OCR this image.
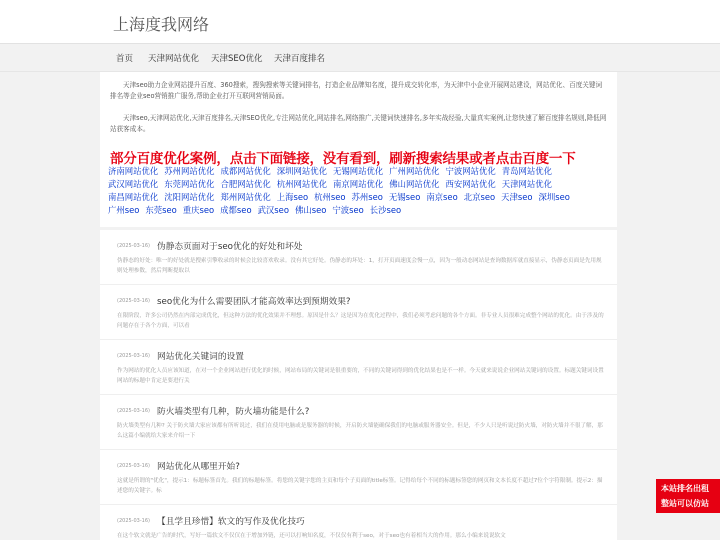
上海度我网络
首页 天津网站优化 天津SEO优化 天津百度排名

天津seo助力企业网站提升百度、360搜索，搜狗搜索等关键词排名，打造企业品牌知名度，提升成交转化率，为天津中小企业开展网站建设，网站优化、百度关键词排名等企业seo营销推广服务,帮助企业打开互联网营销局面。

天津seo,天津网站优化,天津百度排名,天津SEO优化,专注网站优化,网站排名,网络推广,关键词快速排名,多年实战经验,大量真实案例,让您快速了解百度排名规则,降低网站获客成本。

部分百度优化案例，点击下面链接，没有看到，刷新搜索结果或者点击百度一下
济南网站优化 苏州网站优化 成都网站优化 深圳网站优化 无锡网站优化 广州网站优化 宁波网站优化 青岛网站优化武汉网站优化 东莞网站优化 合肥网站优化 杭州网站优化 南京网站优化 佛山网站优化 西安网站优化 天津网站优化南昌网站优化 沈阳网站优化 郑州网站优化 上海seo 杭州seo 苏州seo 无锡seo 南京seo 北京seo 天津seo 深圳seo广州seo 东莞seo 重庆seo 成都seo 武汉seo 佛山seo 宁波seo 长沙seo
(2025-03-16) 伪静态页面对于seo优化的好处和坏处
伪静态的好处：唯一的好处就是搜索引擎收录的时候会比较喜欢收录。没有其它好处。伪静态的坏处：1，打开页面速度会慢一点，因为一般动态网站是查询数据库就直接显示，伪静态页面是先用规则处理参数，然后判断提取以
(2025-03-16) seo优化为什么需要团队才能高效率达到预期效果?
在限阶段，许多公司仍然在内部完成优化，但这种方法的优化效果并不理想。原因是什么？这是因为在优化过程中，我们必须考虑问题的各个方面。非专业人员很难完成整个网站的优化。由于涉及的问题存在于各个方面，可以看
(2025-03-16) 网站优化关键词的设置
作为网站的优化人员应该知道，在对一个企业网站进行优化的时候，网站布局的关键词是很重要的，不同的关键词得到的优化结果也是不一样。今天就来说说企业网站关键词的设置。标题关键词设置网站的标题中肯定是要进行关
(2025-03-16) 防火墙类型有几种，防火墙功能是什么?
防火墙类型有几种? 关于防火墙大家应该都有所听说过，我们在使用电脑或是服务器的时候，开启防火墙能确保我们的电脑或服务器安全。但是，不少人只是听说过防火墙，对防火墙并不很了解，那么这篇小编就给大家来介绍一下
(2025-03-16) 网站优化从哪里开始?
这就是所谓的"优化"，提示1：标题标签首先。我们的标题标签。将您的关键字您的主页和每个子页面的title标签。记得给每个不同的标题标签您的网页和文本长度不超过7位个字符限制。提示2：描述您的关键字。标
(2025-03-16) 【且学且珍惜】软文的写作及优化技巧
在这个软文就是广告的时代，写好一篇软文不仅仅在于增加外链，还可以打响知名度，不仅仅有利于seo，对于seo也有着相当大的作用。那么小编来说说软文
本站排名出租
整站可以仿站
